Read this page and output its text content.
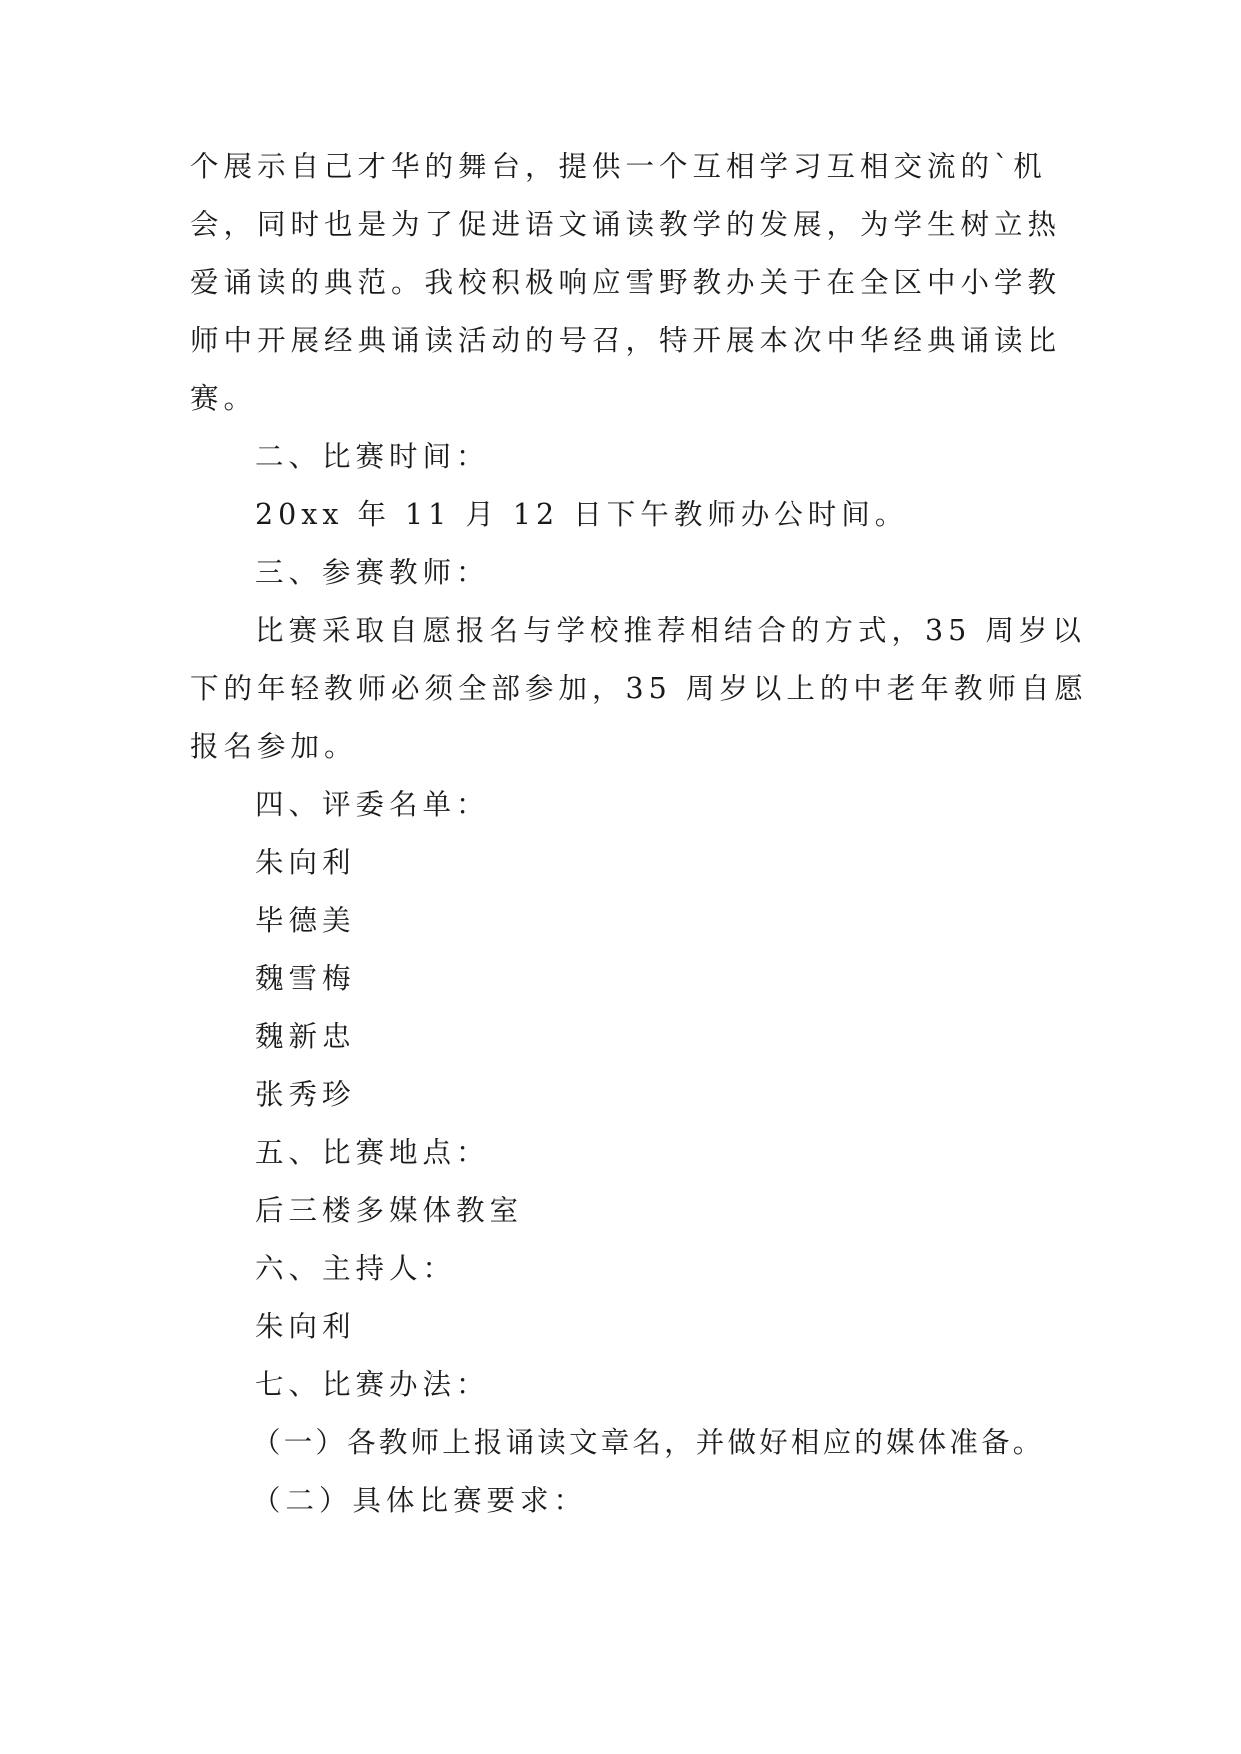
个展示自己才华的舞台，提供一个互相学习互相交流的`机

会，同时也是为了促进语文诵读教学的发展，为学生树立热

爱诵读的典范。我校积极响应雪野教办关于在全区中小学教

师中开展经典诵读活动的号召，特开展本次中华经典诵读比

赛。

二、比赛时间：

20xx 年 11 月 12 日下午教师办公时间。

三、参赛教师：

比赛采取自愿报名与学校推荐相结合的方式，35 周岁以

下的年轻教师必须全部参加，35 周岁以上的中老年教师自愿

报名参加。

四、评委名单：

朱向利

毕德美

魏雪梅

魏新忠

张秀珍

五、比赛地点：

后三楼多媒体教室

六、主持人：

朱向利

七、比赛办法：

（一）各教师上报诵读文章名，并做好相应的媒体准备。

（二）具体比赛要求：
